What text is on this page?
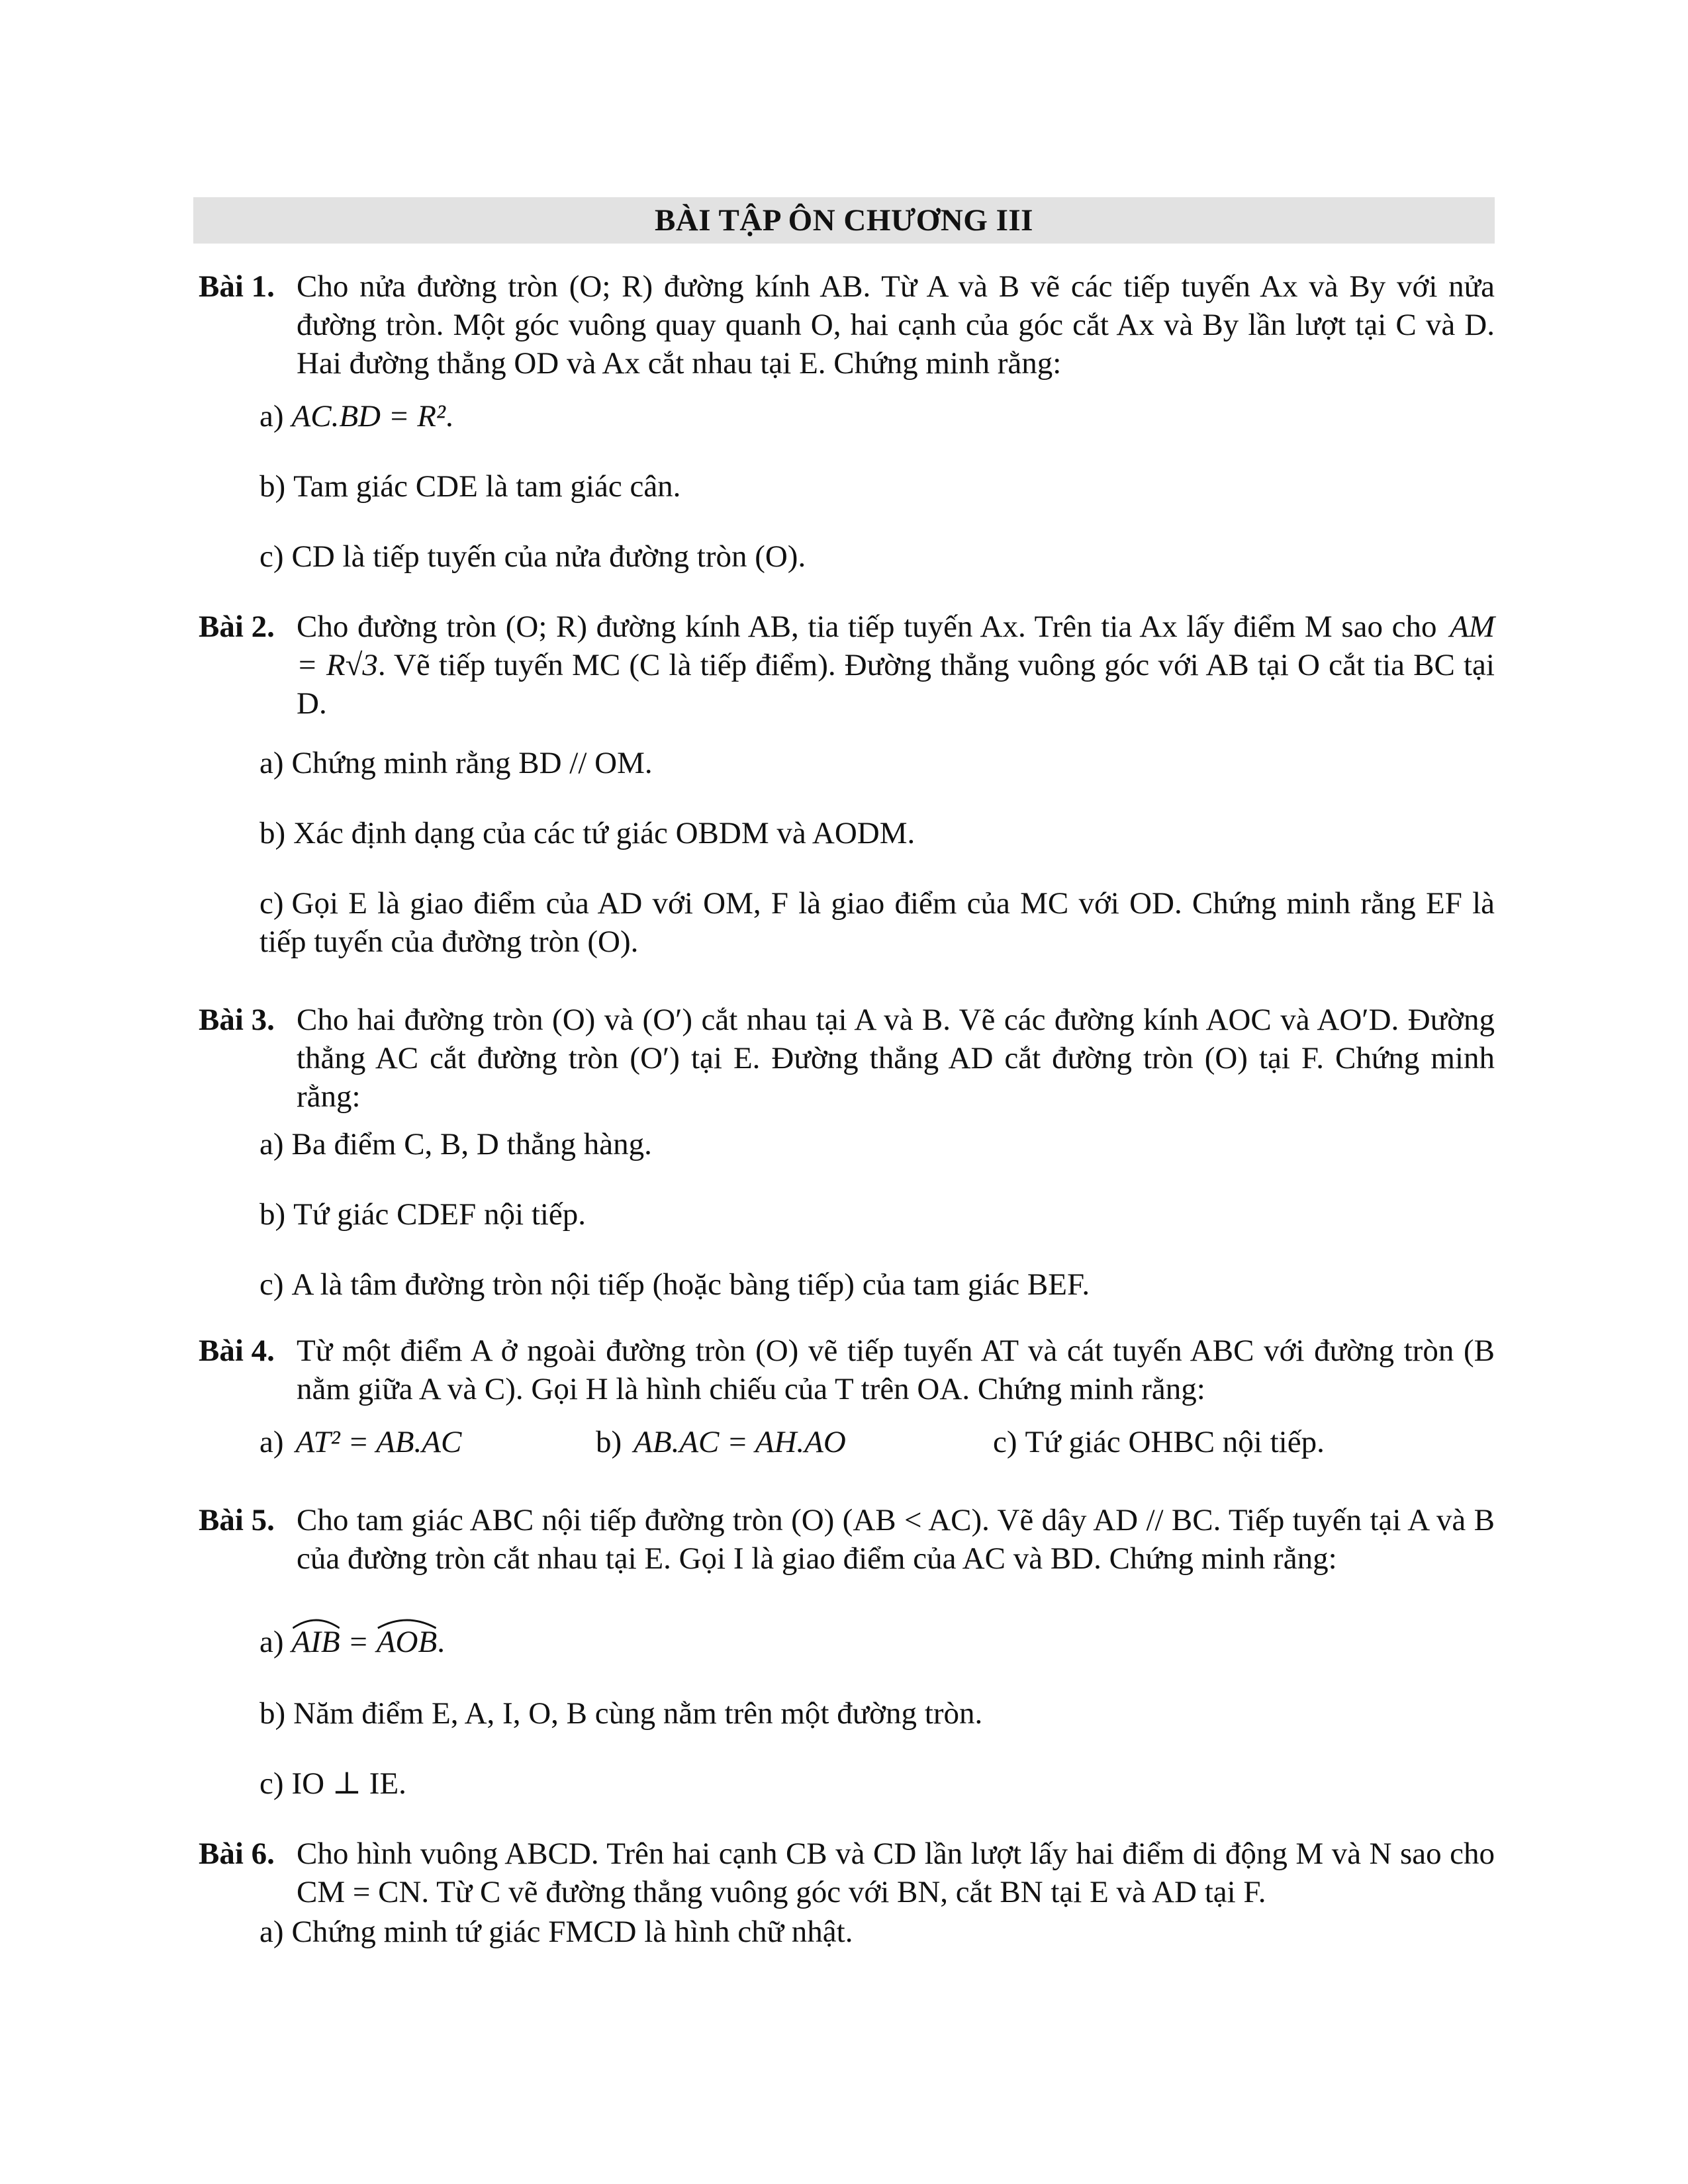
BÀI TẬP ÔN CHƯƠNG III
Bài 1. Cho nửa đường tròn (O; R) đường kính AB. Từ A và B vẽ các tiếp tuyến Ax và By với nửa đường tròn. Một góc vuông quay quanh O, hai cạnh của góc cắt Ax và By lần lượt tại C và D. Hai đường thẳng OD và Ax cắt nhau tại E. Chứng minh rằng:
a) AC.BD = R².
b) Tam giác CDE là tam giác cân.
c) CD là tiếp tuyến của nửa đường tròn (O).
Bài 2. Cho đường tròn (O; R) đường kính AB, tia tiếp tuyến Ax. Trên tia Ax lấy điểm M sao cho AM = R√3. Vẽ tiếp tuyến MC (C là tiếp điểm). Đường thẳng vuông góc với AB tại O cắt tia BC tại D.
a) Chứng minh rằng BD // OM.
b) Xác định dạng của các tứ giác OBDM và AODM.
c) Gọi E là giao điểm của AD với OM, F là giao điểm của MC với OD. Chứng minh rằng EF là tiếp tuyến của đường tròn (O).
Bài 3. Cho hai đường tròn (O) và (O′) cắt nhau tại A và B. Vẽ các đường kính AOC và AO′D. Đường thẳng AC cắt đường tròn (O′) tại E. Đường thẳng AD cắt đường tròn (O) tại F. Chứng minh rằng:
a) Ba điểm C, B, D thẳng hàng.
b) Tứ giác CDEF nội tiếp.
c) A là tâm đường tròn nội tiếp (hoặc bàng tiếp) của tam giác BEF.
Bài 4. Từ một điểm A ở ngoài đường tròn (O) vẽ tiếp tuyến AT và cát tuyến ABC với đường tròn (B nằm giữa A và C). Gọi H là hình chiếu của T trên OA. Chứng minh rằng:
a) AT² = AB.AC	b) AB.AC = AH.AO	c) Tứ giác OHBC nội tiếp.
Bài 5. Cho tam giác ABC nội tiếp đường tròn (O) (AB < AC). Vẽ dây AD // BC. Tiếp tuyến tại A và B của đường tròn cắt nhau tại E. Gọi I là giao điểm của AC và BD. Chứng minh rằng:
a) AIB =
AOB.
b) Năm điểm E, A, I, O, B cùng nằm trên một đường tròn.
c) IO ⊥ IE.
Bài 6. Cho hình vuông ABCD. Trên hai cạnh CB và CD lần lượt lấy hai điểm di động M và N sao cho CM = CN. Từ C vẽ đường thẳng vuông góc với BN, cắt BN tại E và AD tại F.
a) Chứng minh tứ giác FMCD là hình chữ nhật.
